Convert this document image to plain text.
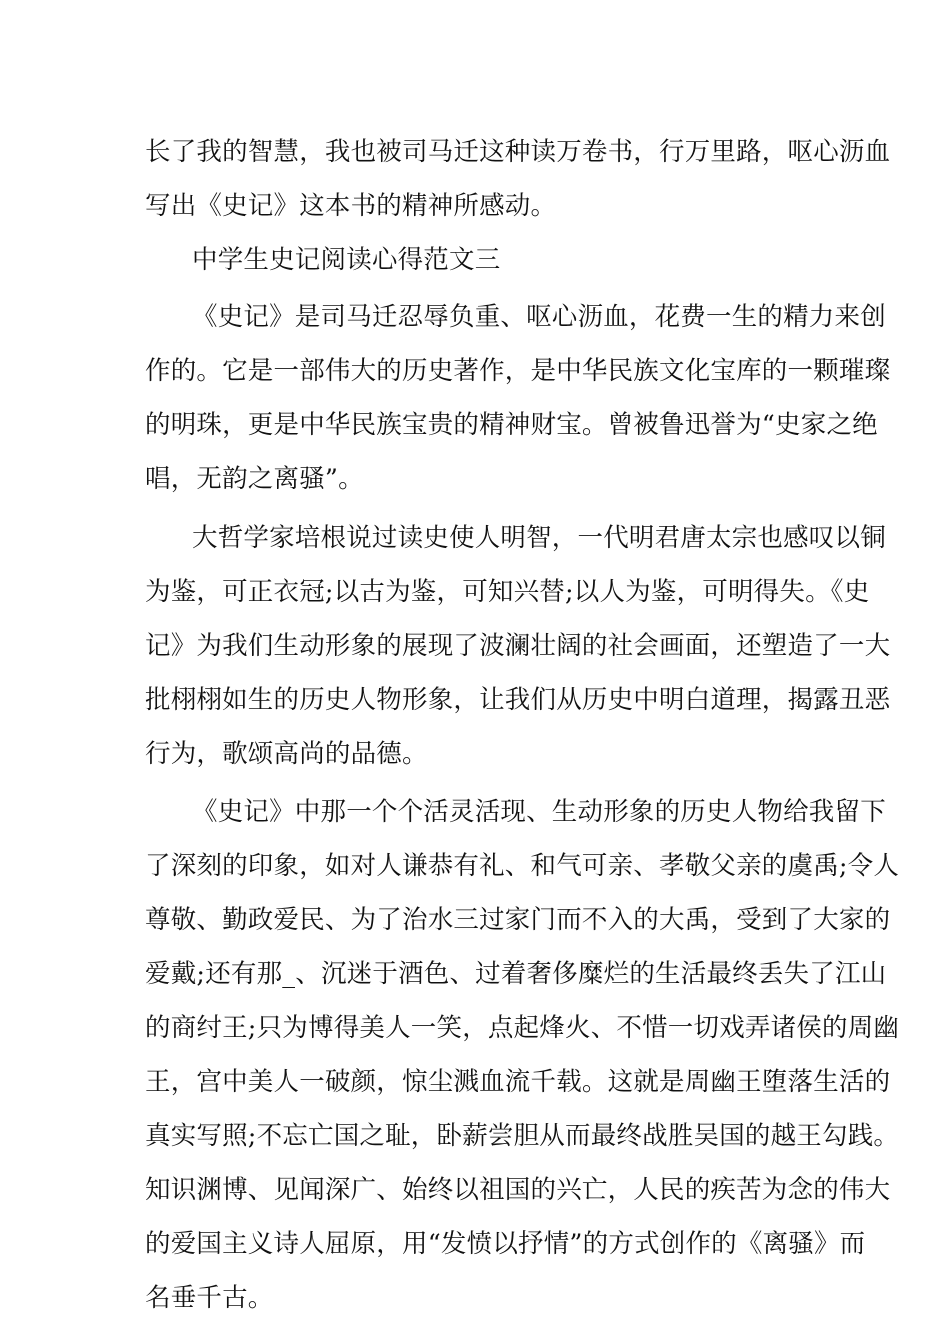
长了我的智慧，我也被司马迁这种读万卷书，行万里路，呕心沥血
写出《史记》这本书的精神所感动。
中学生史记阅读心得范文三
《史记》是司马迁忍辱负重、呕心沥血，花费一生的精力来创
作的。它是一部伟大的历史著作，是中华民族文化宝库的一颗璀璨
的明珠，更是中华民族宝贵的精神财宝。曾被鲁迅誉为“史家之绝
唱，无韵之离骚”。
大哲学家培根说过读史使人明智，一代明君唐太宗也感叹以铜
为鉴，可正衣冠;以古为鉴，可知兴替;以人为鉴，可明得失。《史
记》为我们生动形象的展现了波澜壮阔的社会画面，还塑造了一大
批栩栩如生的历史人物形象，让我们从历史中明白道理，揭露丑恶
行为，歌颂高尚的品德。
《史记》中那一个个活灵活现、生动形象的历史人物给我留下
了深刻的印象，如对人谦恭有礼、和气可亲、孝敬父亲的虞禹;令人
尊敬、勤政爱民、为了治水三过家门而不入的大禹，受到了大家的
爱戴;还有那_、沉迷于酒色、过着奢侈糜烂的生活最终丢失了江山
的商纣王;只为博得美人一笑，点起烽火、不惜一切戏弄诸侯的周幽
王，宫中美人一破颜，惊尘溅血流千载。这就是周幽王堕落生活的
真实写照;不忘亡国之耻，卧薪尝胆从而最终战胜吴国的越王勾践。
知识渊博、见闻深广、始终以祖国的兴亡，人民的疾苦为念的伟大
的爱国主义诗人屈原，用“发愤以抒情”的方式创作的《离骚》而
名垂千古。
